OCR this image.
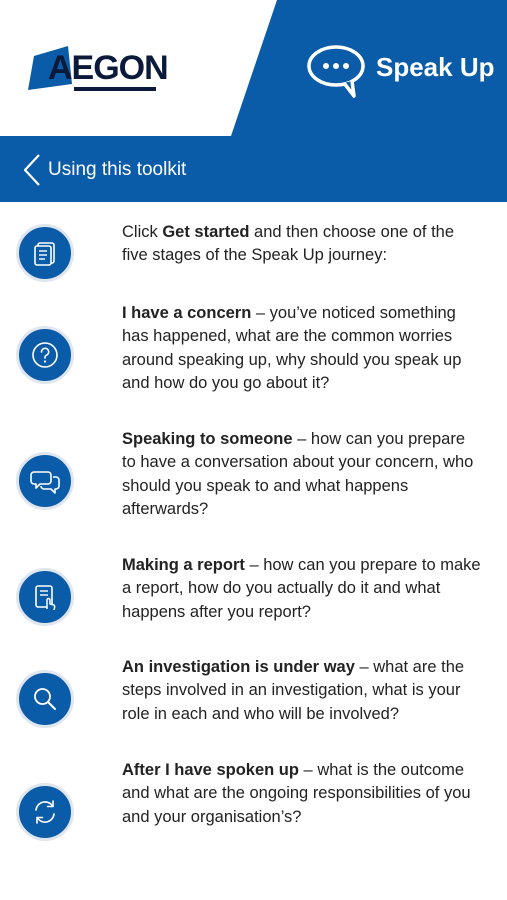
AEGON	Speak Up
Using this toolkit
Click Get started and then choose one of the five stages of the Speak Up journey:
I have a concern – you’ve noticed something has happened, what are the common worries around speaking up, why should you speak up and how do you go about it?
Speaking to someone – how can you prepare to have a conversation about your concern, who should you speak to and what happens afterwards?
Making a report – how can you prepare to make a report, how do you actually do it and what happens after you report?
An investigation is under way – what are the steps involved in an investigation, what is your role in each and who will be involved?
After I have spoken up – what is the outcome and what are the ongoing responsibilities of you and your organisation’s?
